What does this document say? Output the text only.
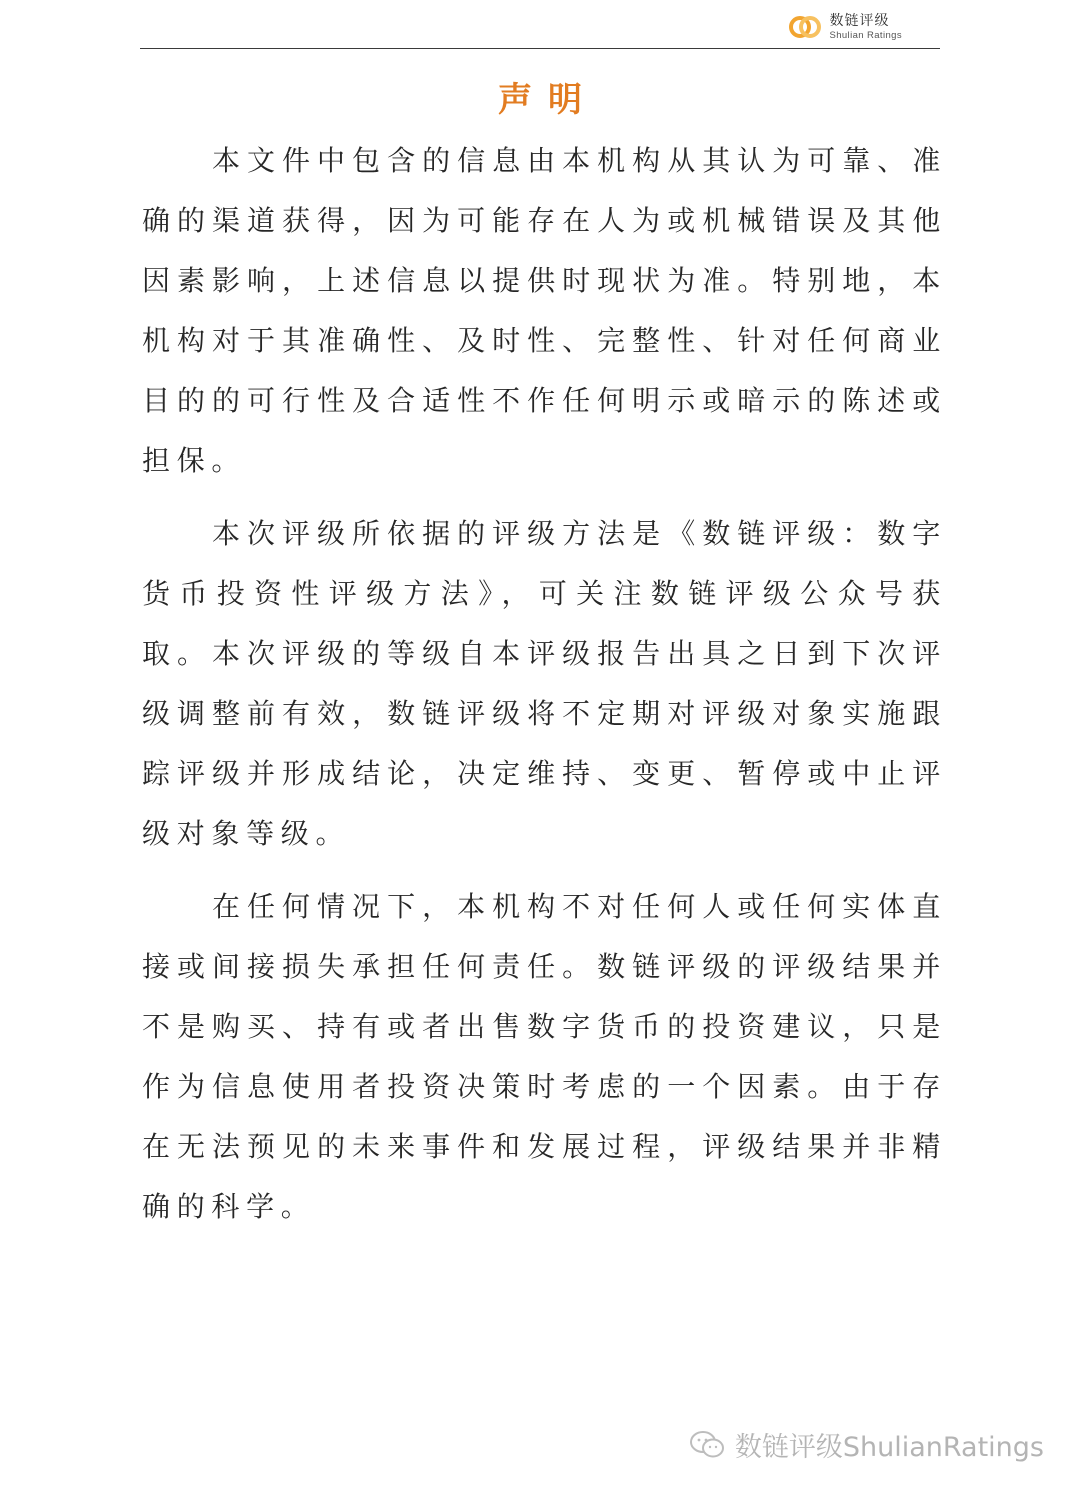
数链评级
Shulian Ratings
声明

本文件中包含的信息由本机构从其认为可靠、准确的渠道获得，因为可能存在人为或机械错误及其他因素影响，上述信息以提供时现状为准。特别地，本机构对于其准确性、及时性、完整性、针对任何商业目的的可行性及合适性不作任何明示或暗示的陈述或担保。

本次评级所依据的评级方法是《数链评级：数字货币投资性评级方法》，可关注数链评级公众号获取。本次评级的等级自本评级报告出具之日到下次评级调整前有效，数链评级将不定期对评级对象实施跟踪评级并形成结论，决定维持、变更、暂停或中止评级对象等级。

在任何情况下，本机构不对任何人或任何实体直接或间接损失承担任何责任。数链评级的评级结果并不是购买、持有或者出售数字货币的投资建议，只是作为信息使用者投资决策时考虑的一个因素。由于存在无法预见的未来事件和发展过程，评级结果并非精确的科学。

数链评级ShulianRatings
